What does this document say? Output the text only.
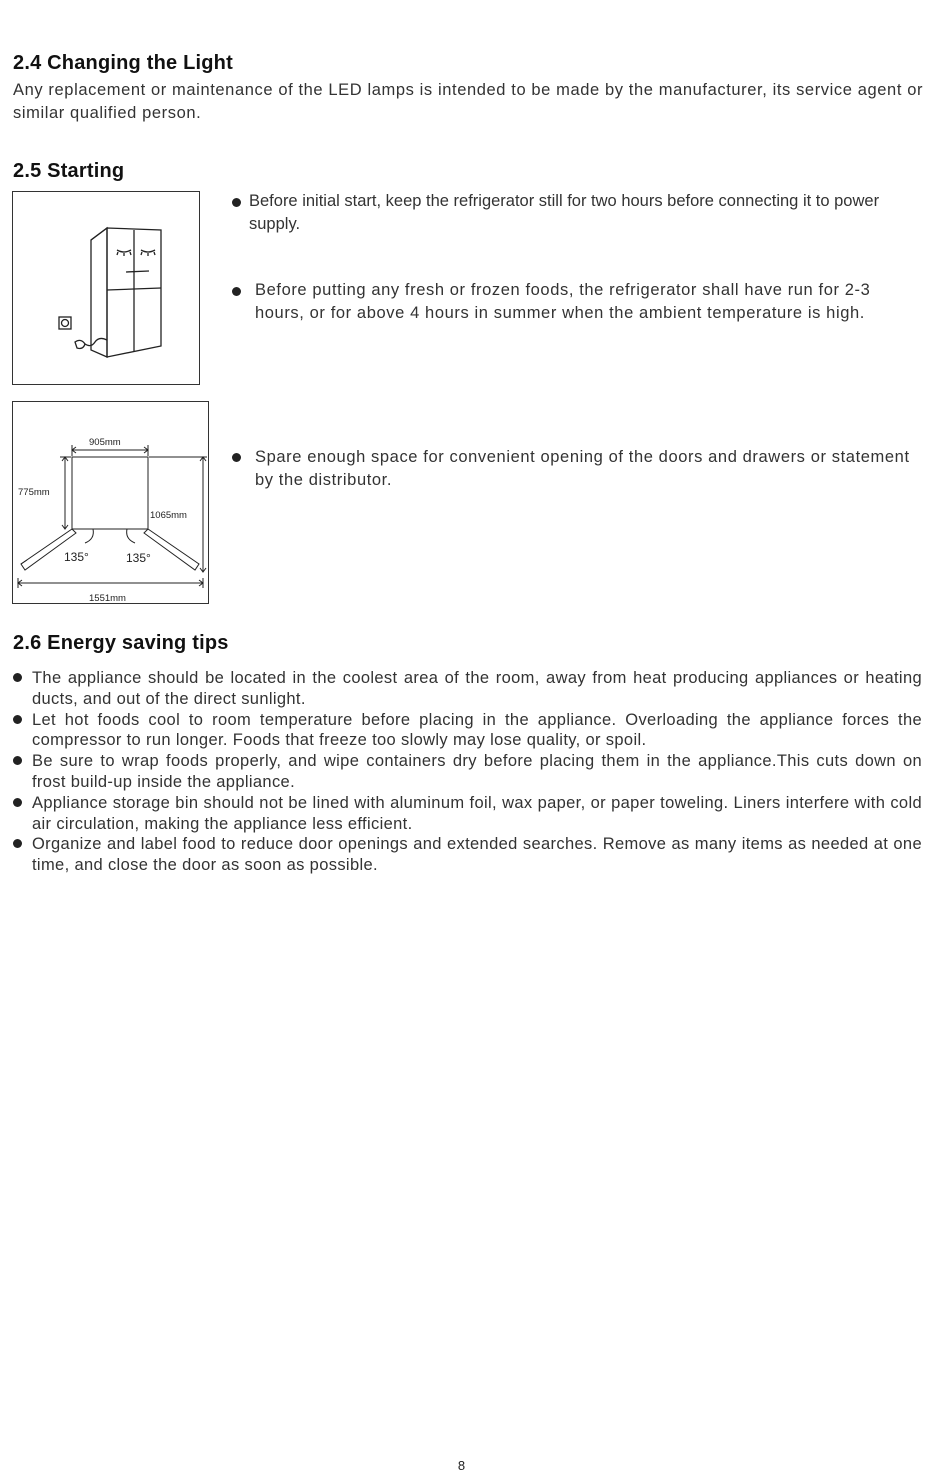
2.4 Changing the Light

Any replacement or maintenance of the LED lamps is intended to be made by the manufacturer, its service agent or similar qualified person.

2.5 Starting
Before initial start, keep the refrigerator still for two hours before connecting it to power supply.
Before putting any fresh or frozen foods, the refrigerator shall have run for 2-3 hours, or for above 4 hours in summer when the ambient temperature is high.
905mm
775mm
1065mm
135°	135°
1551mm
Spare enough space for convenient opening of the doors and drawers or statement by the distributor.
2.6 Energy saving tips
The appliance should be located in the coolest area of the room, away from heat producing appliances or heating ducts, and out of the direct sunlight.
Let hot foods cool to room temperature before placing in the appliance. Overloading the appliance forces the compressor to run longer. Foods that freeze too slowly may lose quality, or spoil.
Be sure to wrap foods properly, and wipe containers dry before placing them in the appliance.This cuts down on frost build-up inside the appliance.
Appliance storage bin should not be lined with aluminum foil, wax paper, or paper toweling. Liners interfere with cold air circulation, making the appliance less efficient.
Organize and label food to reduce door openings and extended searches. Remove as many items as needed at one time, and close the door as soon as possible.
8
